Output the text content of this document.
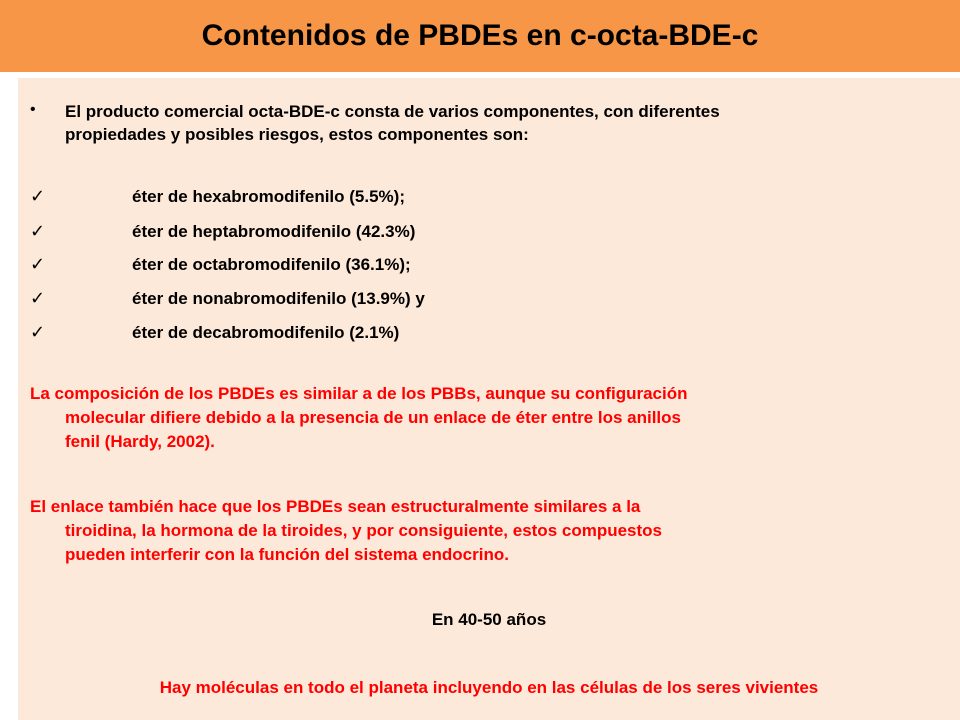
Contenidos de PBDEs en c-octa-BDE-c
• El producto comercial octa-BDE-c consta de varios componentes, con diferentes
propiedades y posibles riesgos, estos componentes son:
✓	éter de hexabromodifenilo (5.5%);
✓	éter de heptabromodifenilo (42.3%)
✓	éter de octabromodifenilo (36.1%);
✓	éter de nonabromodifenilo (13.9%) y
✓	éter de decabromodifenilo (2.1%)
La composición de los PBDEs es similar a de los PBBs, aunque su configuración
molecular difiere debido a la presencia de un enlace de éter entre los anillos
fenil (Hardy, 2002).
El enlace también hace que los PBDEs sean estructuralmente similares a la
tiroidina, la hormona de la tiroides, y por consiguiente, estos compuestos
pueden interferir con la función del sistema endocrino.
En 40-50 años
Hay moléculas en todo el planeta incluyendo en las células de los seres vivientes
